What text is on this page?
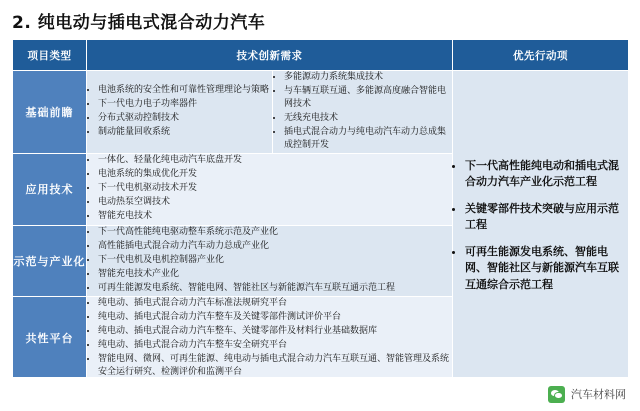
2. 纯电动与插电式混合动力汽车
项目类型	技术创新需求		优先行动项
基础前瞻	
• 电池系统的安全性和可靠性管理理论与策略
• 下一代电力电子功率器件
• 分布式驱动控制技术
• 制动能量回收系统

• 多能源动力系统集成技术
• 与车辆互联互通、多能源高度融合智能电网技术
• 无线充电技术
• 插电式混合动力与纯电动汽车动力总成集成控制开发

• 下一代高性能纯电动和插电式混合动力汽车产业化示范工程
• 关键零部件技术突破与应用示范工程
• 可再生能源发电系统、智能电网、智能社区与新能源汽车互联互通综合示范工程

应用技术	
• 一体化、轻量化纯电动汽车底盘开发
• 电池系统的集成优化开发
• 下一代电机驱动技术开发
• 电动热泵空调技术
• 智能充电技术

示范与产业化	
• 下一代高性能纯电驱动整车系统示范及产业化
• 高性能插电式混合动力汽车动力总成产业化
• 下一代电机及电机控制器产业化
• 智能充电技术产业化
• 可再生能源发电系统、智能电网、智能社区与新能源汽车互联互通示范工程

共性平台	
• 纯电动、插电式混合动力汽车标准法规研究平台
• 纯电动、插电式混合动力汽车整车及关键零部件测试评价平台
• 纯电动、插电式混合动力汽车整车、关键零部件及材料行业基础数据库
• 纯电动、插电式混合动力汽车整车安全研究平台
• 智能电网、微网、可再生能源、纯电动与插电式混合动力汽车互联互通、智能管理及系统安全运行研究、检测评价和监测平台
汽车材料网
